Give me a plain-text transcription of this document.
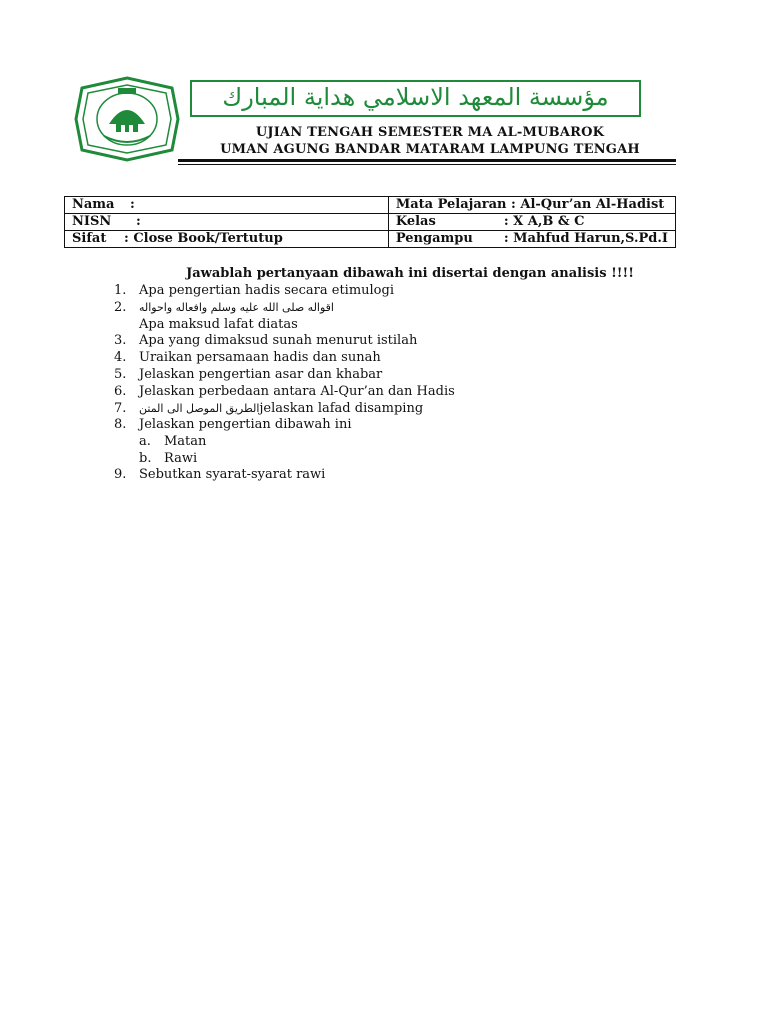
مؤسسة المعهد الاسلامي هداية المبارك
UJIAN TENGAH SEMESTER MA AL-MUBAROK
UMAN AGUNG BANDAR MATARAM LAMPUNG TENGAH
Nama :	Mata Pelajaran : Al-Qur’an Al-Hadist
NISN :	Kelas : X A,B & C
Sifat : Close Book/Tertutup	Pengampu : Mahfud Harun,S.Pd.I
Jawablah pertanyaan dibawah ini disertai dengan analisis !!!!
1. Apa pengertian hadis secara etimulogi
2.	اقواله صلى الله عليه وسلم وافعاله واحواله
Apa maksud lafat diatas
3. Apa yang dimaksud sunah menurut istilah
4. Uraikan persamaan hadis dan sunah
5. Jelaskan pengertian asar dan khabar
6. Jelaskan perbedaan antara Al-Qur’an dan Hadis
7.	الطريق الموصل الى المتن jelaskan lafad disamping
8. Jelaskan pengertian dibawah ini
a.	Matan
b. Rawi
9. Sebutkan syarat-syarat rawi
